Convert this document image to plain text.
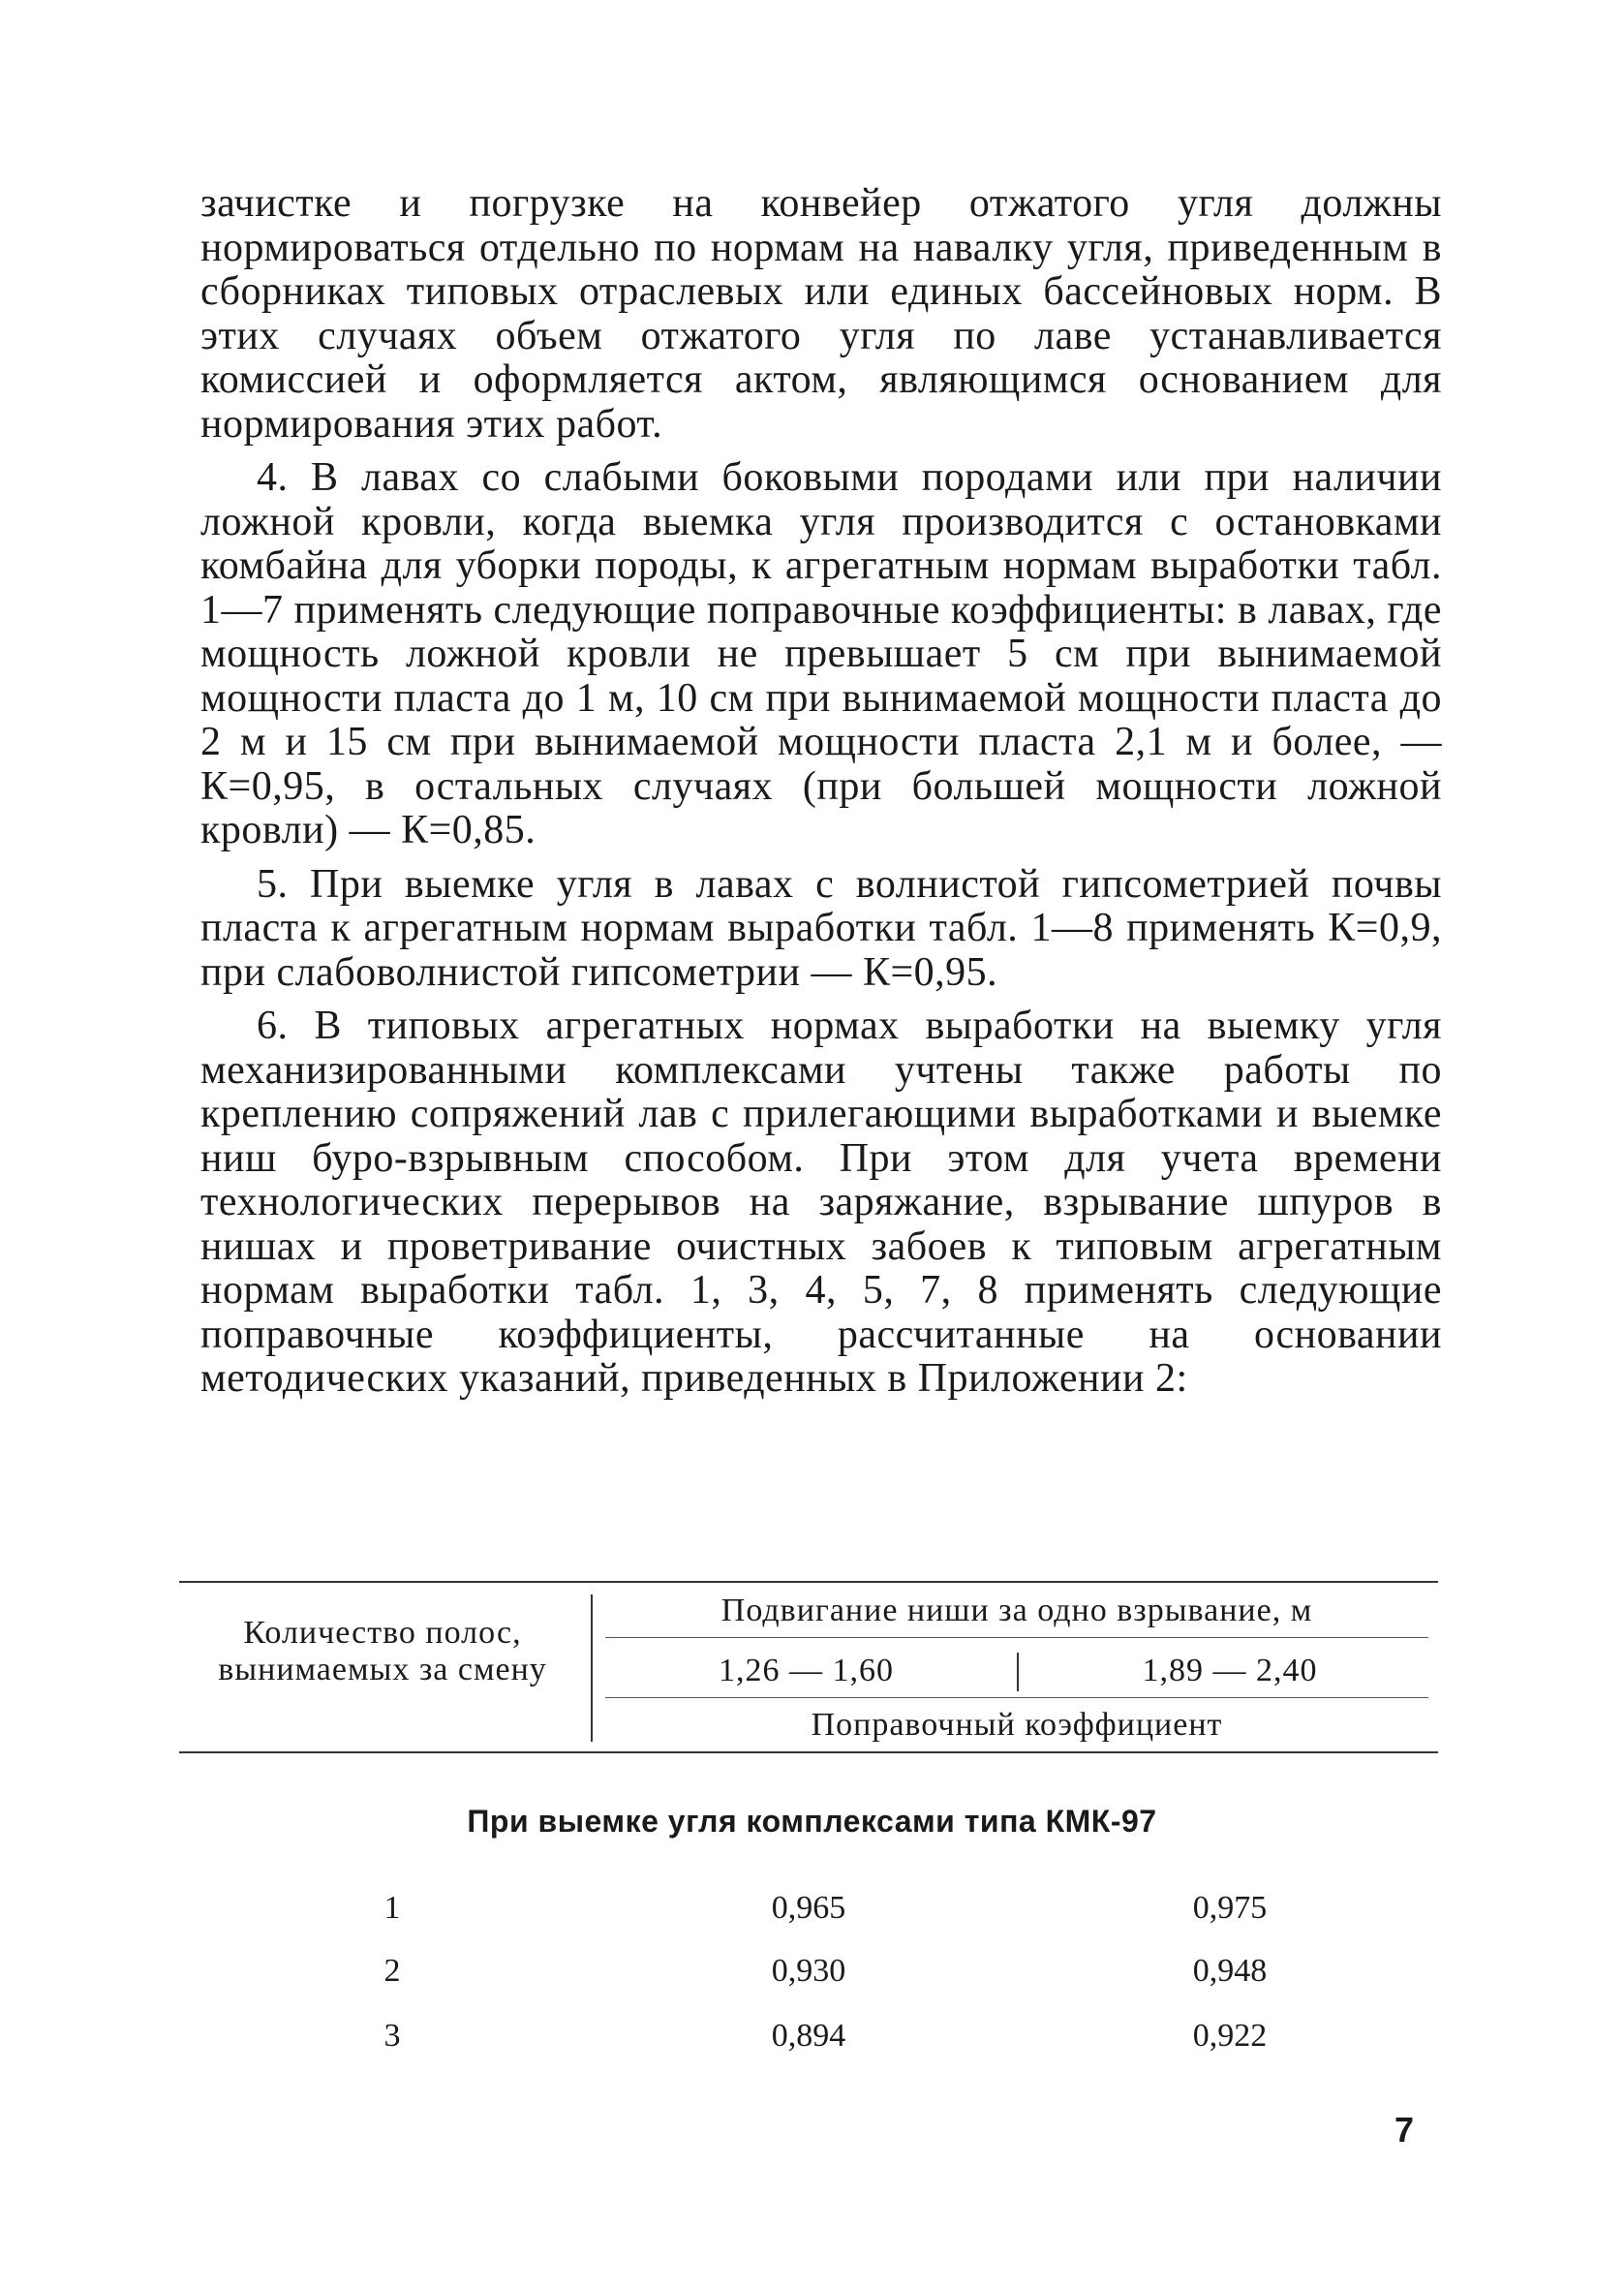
зачистке и погрузке на конвейер отжатого угля должны нормироваться отдельно по нормам на навалку угля, приведенным в сборниках типовых отраслевых или единых бассейновых норм. В этих случаях объем отжатого угля по лаве устанавливается комиссией и оформляется актом, являющимся основанием для нормирования этих работ.

4. В лавах со слабыми боковыми породами или при наличии ложной кровли, когда выемка угля производится с остановками комбайна для уборки породы, к агрегатным нормам выработки табл. 1—7 применять следующие поправочные коэффициенты: в лавах, где мощность ложной кровли не превышает 5 см при вынимаемой мощности пласта до 1 м, 10 см при вынимаемой мощности пласта до 2 м и 15 см при вынимаемой мощности пласта 2,1 м и более, — К=0,95, в остальных случаях (при большей мощности ложной кровли) — К=0,85.

5. При выемке угля в лавах с волнистой гипсометрией почвы пласта к агрегатным нормам выработки табл. 1—8 применять К=0,9, при слабоволнистой гипсометрии — К=0,95.

6. В типовых агрегатных нормах выработки на выемку угля механизированными комплексами учтены также работы по креплению сопряжений лав с прилегающими выработками и выемке ниш буро-взрывным способом. При этом для учета времени технологических перерывов на заряжание, взрывание шпуров в нишах и проветривание очистных забоев к типовым агрегатным нормам выработки табл. 1, 3, 4, 5, 7, 8 применять следующие поправочные коэффициенты, рассчитанные на основании методических указаний, приведенных в Приложении 2:

Количество полос, вынимаемых за смену
Подвигание ниши за одно взрывание, м
1,26 — 1,60	1,89 — 2,40
Поправочный коэффициент
При выемке угля комплексами типа КМК-97
1	0,965	0,975
2	0,930	0,948
3	0,894	0,922
7
